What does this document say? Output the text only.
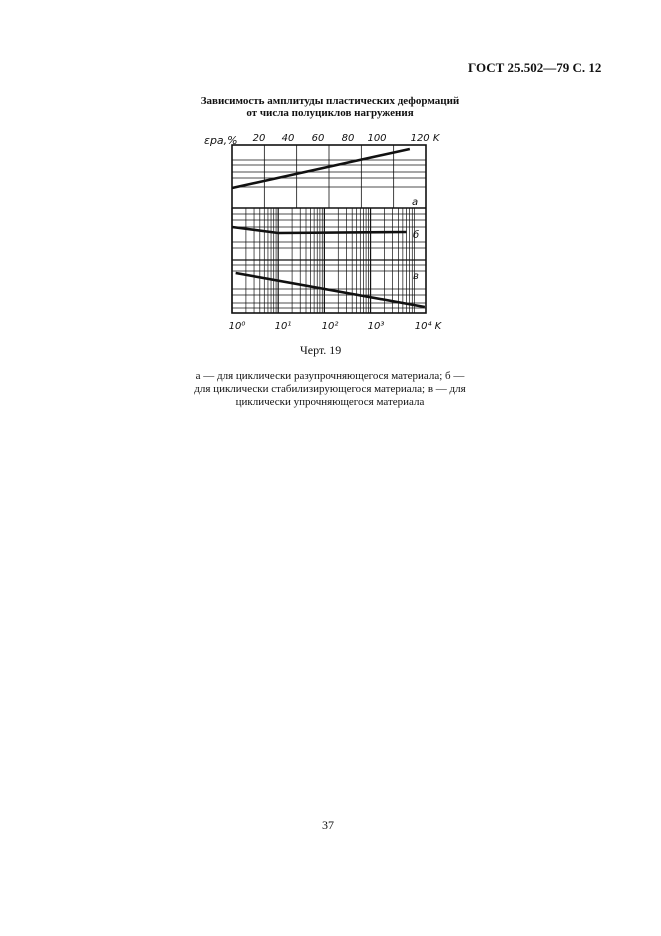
ГОСТ 25.502—79 С. 12
Зависимость амплитуды пластических деформаций
от числа полуциклов нагружения
εpa,% 20 40 60 80 100 120 K
10⁰	10¹	10²	10³	10⁴ K
а
б
в
Черт. 19
а — для циклически разупрочняющегося материала; б —
для циклически стабилизирующегося материала; в — для
циклически упрочняющегося материала
37
